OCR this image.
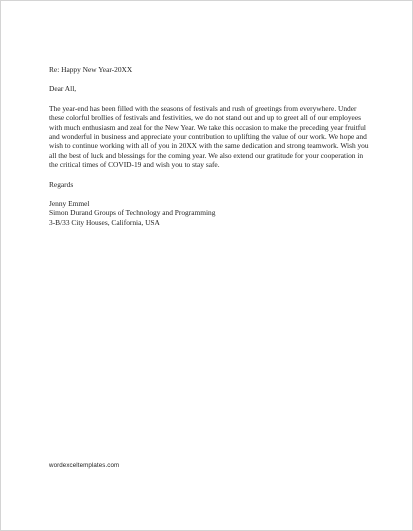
Re: Happy New Year-20XX

Dear All,

The year-end has been filled with the seasons of festivals and rush of greetings from everywhere. Under these colorful brollies of festivals and festivities, we do not stand out and up to greet all of our employees with much enthusiasm and zeal for the New Year. We take this occasion to make the preceding year fruitful and wonderful in business and appreciate your contribution to uplifting the value of our work. We hope and wish to continue working with all of you in 20XX with the same dedication and strong teamwork. Wish you all the best of luck and blessings for the coming year. We also extend our gratitude for your cooperation in the critical times of COVID-19 and wish you to stay safe.

Regards

Jenny Emmel
Simon Durand Groups of Technology and Programming
3-B/33 City Houses, California, USA
wordexceltemplates.com
